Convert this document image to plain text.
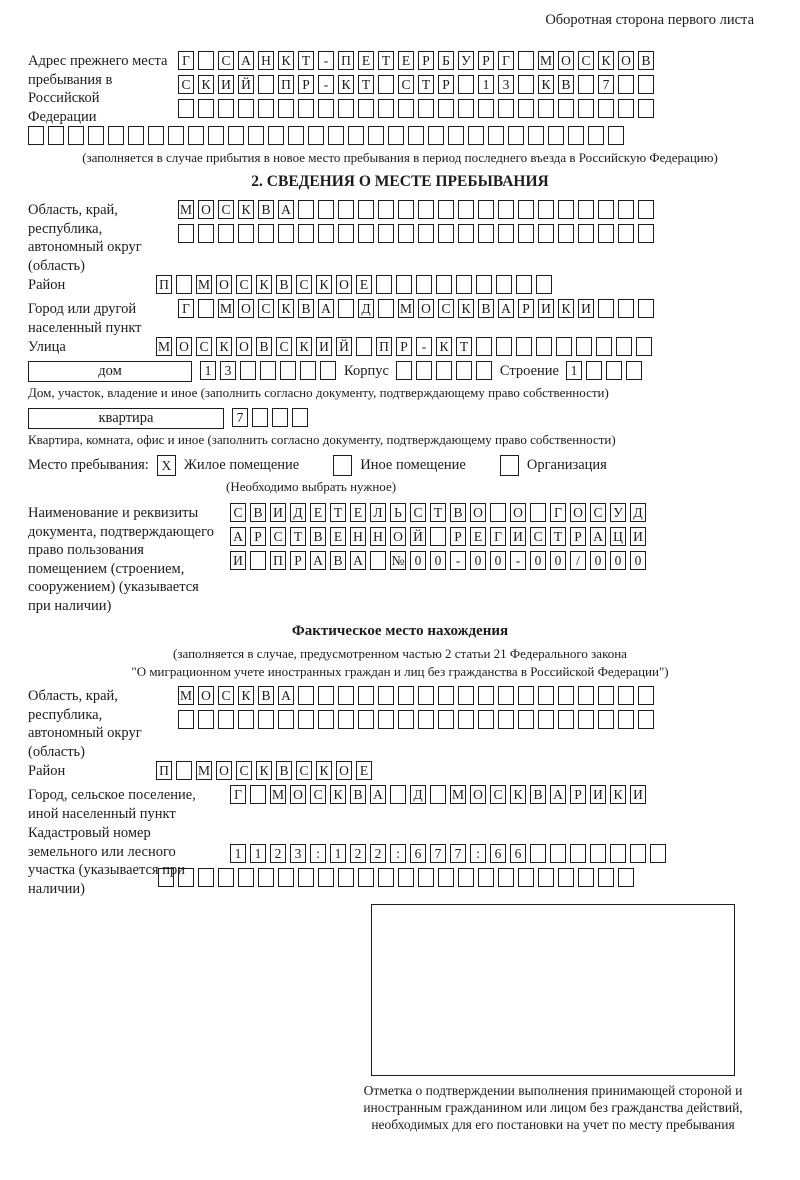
Оборотная сторона первого листа
Адрес прежнего места пребывания в Российской Федерации
Г	С А Н К Т	- П Е Т Е Р Б У Р Г	М О С К О В
С К И Й П Р	- К Т С Т Р	1 3	К В	7
(заполняется в случае прибытия в новое место пребывания в период последнего въезда в Российскую Федерацию)
2. СВЕДЕНИЯ О МЕСТЕ ПРЕБЫВАНИЯ
Область, край, республика, автономный округ (область)
М О С К В А
Район	П М О С К В С К О Е
Город или другой населенный пункт
Г	М О С К В А Д М О С К В А Р И К И
Улица	М О С К О В С К И Й П Р	- К Т
дом	1 3	Корпус	Строение 1
Дом, участок, владение и иное (заполнить согласно документу, подтверждающему право собственности)
квартира	7
Квартира, комната, офис и иное (заполнить согласно документу, подтверждающему право собственности)
Место пребывания: X Жилое помещение	Иное помещение	Организация
(Необходимо выбрать нужное)
Наименование и реквизиты документа, подтверждающего право пользования помещением (строением, сооружением) (указывается при наличии)
С В И Д Е Т Е Л Ь С Т В О О	Г О С У Д
А Р С Т В Е Н Н О Й	Р Е Г И С Т Р А Ц И
И П Р А В А № 0 0	-	0 0	-	0 0	/	0 0 0
Фактическое место нахождения
(заполняется в случае, предусмотренном частью 2 статьи 21 Федерального закона
"О миграционном учете иностранных граждан и лиц без гражданства в Российской Федерации")
Область, край, республика, автономный округ (область)
М О С К В А
Район	П М О С К В С К О Е
Город, сельское поселение, иной населенный пункт
Г	М О С К В А Д М О С К В А Р И К И
Кадастровый номер земельного или лесного участка (указывается при наличии)
1 1 2 3	:	1 2 2	:	6 7 7	:	6 6
Отметка о подтверждении выполнения принимающей стороной и иностранным гражданином или лицом без гражданства действий, необходимых для его постановки на учет по месту пребывания
